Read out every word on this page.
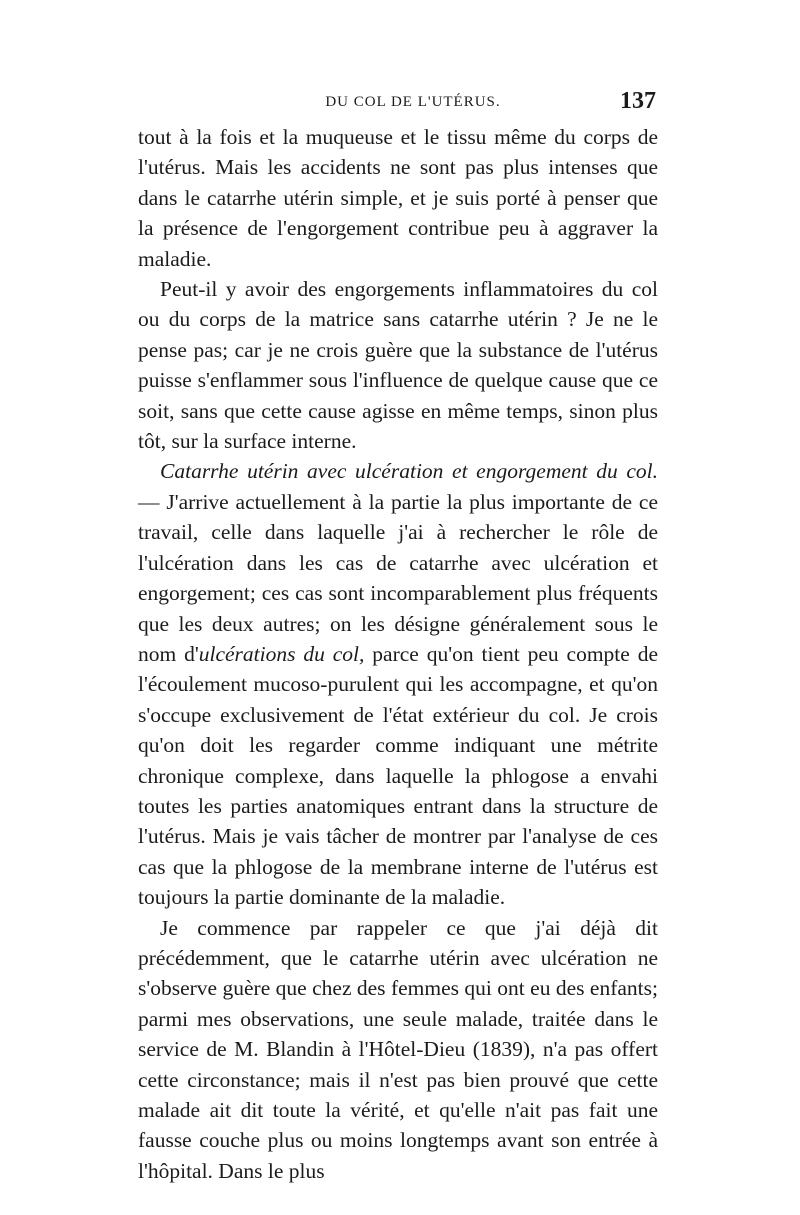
DU COL DE L'UTÉRUS.	137

tout à la fois et la muqueuse et le tissu même du corps de l'utérus. Mais les accidents ne sont pas plus intenses que dans le catarrhe utérin simple, et je suis porté à penser que la présence de l'engorgement contribue peu à aggraver la maladie.

Peut-il y avoir des engorgements inflammatoires du col ou du corps de la matrice sans catarrhe utérin ? Je ne le pense pas; car je ne crois guère que la substance de l'utérus puisse s'enflammer sous l'influence de quelque cause que ce soit, sans que cette cause agisse en même temps, sinon plus tôt, sur la surface interne.

Catarrhe utérin avec ulcération et engorgement du col. — J'arrive actuellement à la partie la plus importante de ce travail, celle dans laquelle j'ai à rechercher le rôle de l'ulcération dans les cas de catarrhe avec ulcération et engorgement; ces cas sont incomparablement plus fréquents que les deux autres; on les désigne généralement sous le nom d'ulcérations du col, parce qu'on tient peu compte de l'écoulement mucoso-purulent qui les accompagne, et qu'on s'occupe exclusivement de l'état extérieur du col. Je crois qu'on doit les regarder comme indiquant une métrite chronique complexe, dans laquelle la phlogose a envahi toutes les parties anatomiques entrant dans la structure de l'utérus. Mais je vais tâcher de montrer par l'analyse de ces cas que la phlogose de la membrane interne de l'utérus est toujours la partie dominante de la maladie.

Je commence par rappeler ce que j'ai déjà dit précédemment, que le catarrhe utérin avec ulcération ne s'observe guère que chez des femmes qui ont eu des enfants; parmi mes observations, une seule malade, traitée dans le service de M. Blandin à l'Hôtel-Dieu (1839), n'a pas offert cette circonstance; mais il n'est pas bien prouvé que cette malade ait dit toute la vérité, et qu'elle n'ait pas fait une fausse couche plus ou moins longtemps avant son entrée à l'hôpital. Dans le plus
